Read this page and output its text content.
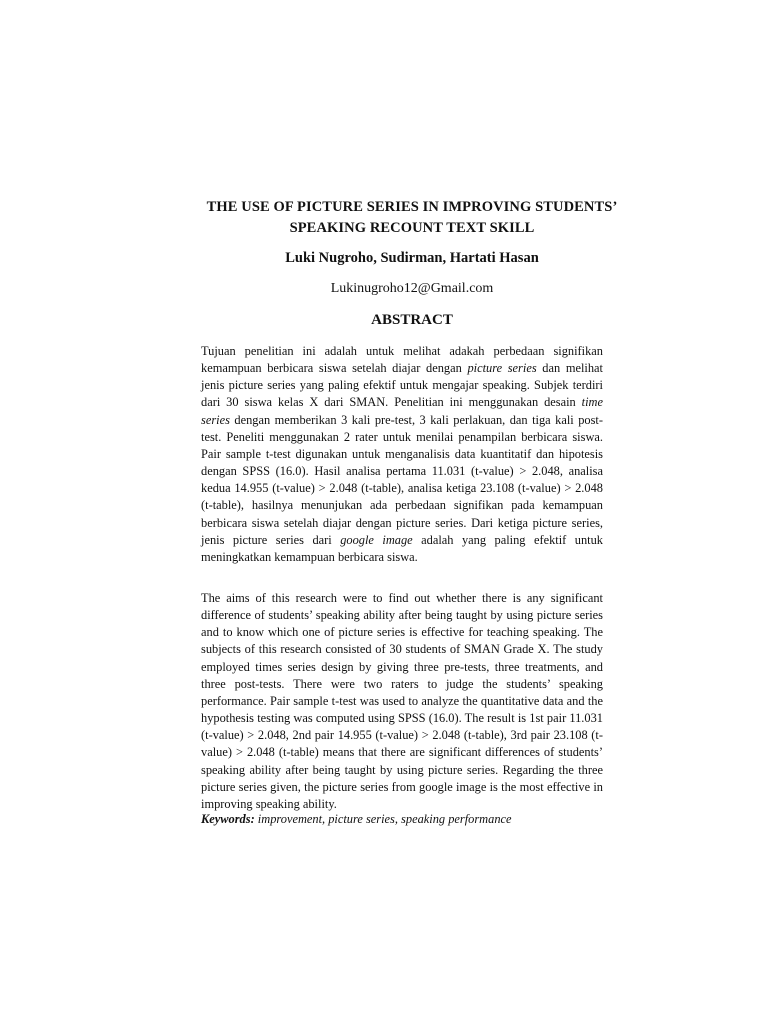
THE USE OF PICTURE SERIES IN IMPROVING STUDENTS’
SPEAKING RECOUNT TEXT SKILL
Luki Nugroho, Sudirman, Hartati Hasan
Lukinugroho12@Gmail.com
ABSTRACT

Tujuan penelitian ini adalah untuk melihat adakah perbedaan signifikan kemampuan berbicara siswa setelah diajar dengan picture series dan melihat jenis picture series yang paling efektif untuk mengajar speaking. Subjek terdiri dari 30 siswa kelas X dari SMAN. Penelitian ini menggunakan desain time series dengan memberikan 3 kali pre-test, 3 kali perlakuan, dan tiga kali post-test. Peneliti menggunakan 2 rater untuk menilai penampilan berbicara siswa. Pair sample t-test digunakan untuk menganalisis data kuantitatif dan hipotesis dengan SPSS (16.0). Hasil analisa pertama 11.031 (t-value) > 2.048, analisa kedua 14.955 (t-value) > 2.048 (t-table), analisa ketiga 23.108 (t-value) > 2.048 (t-table), hasilnya menunjukan ada perbedaan signifikan pada kemampuan berbicara siswa setelah diajar dengan picture series. Dari ketiga picture series, jenis picture series dari google image adalah yang paling efektif untuk meningkatkan kemampuan berbicara siswa.

The aims of this research were to find out whether there is any significant difference of students’ speaking ability after being taught by using picture series and to know which one of picture series is effective for teaching speaking. The subjects of this research consisted of 30 students of SMAN Grade X. The study employed times series design by giving three pre-tests, three treatments, and three post-tests. There were two raters to judge the students’ speaking performance. Pair sample t-test was used to analyze the quantitative data and the hypothesis testing was computed using SPSS (16.0). The result is 1st pair 11.031 (t-value) > 2.048, 2nd pair 14.955 (t-value) > 2.048 (t-table), 3rd pair 23.108 (t-value) > 2.048 (t-table) means that there are significant differences of students’ speaking ability after being taught by using picture series. Regarding the three picture series given, the picture series from google image is the most effective in improving speaking ability.

Keywords: improvement, picture series, speaking performance
